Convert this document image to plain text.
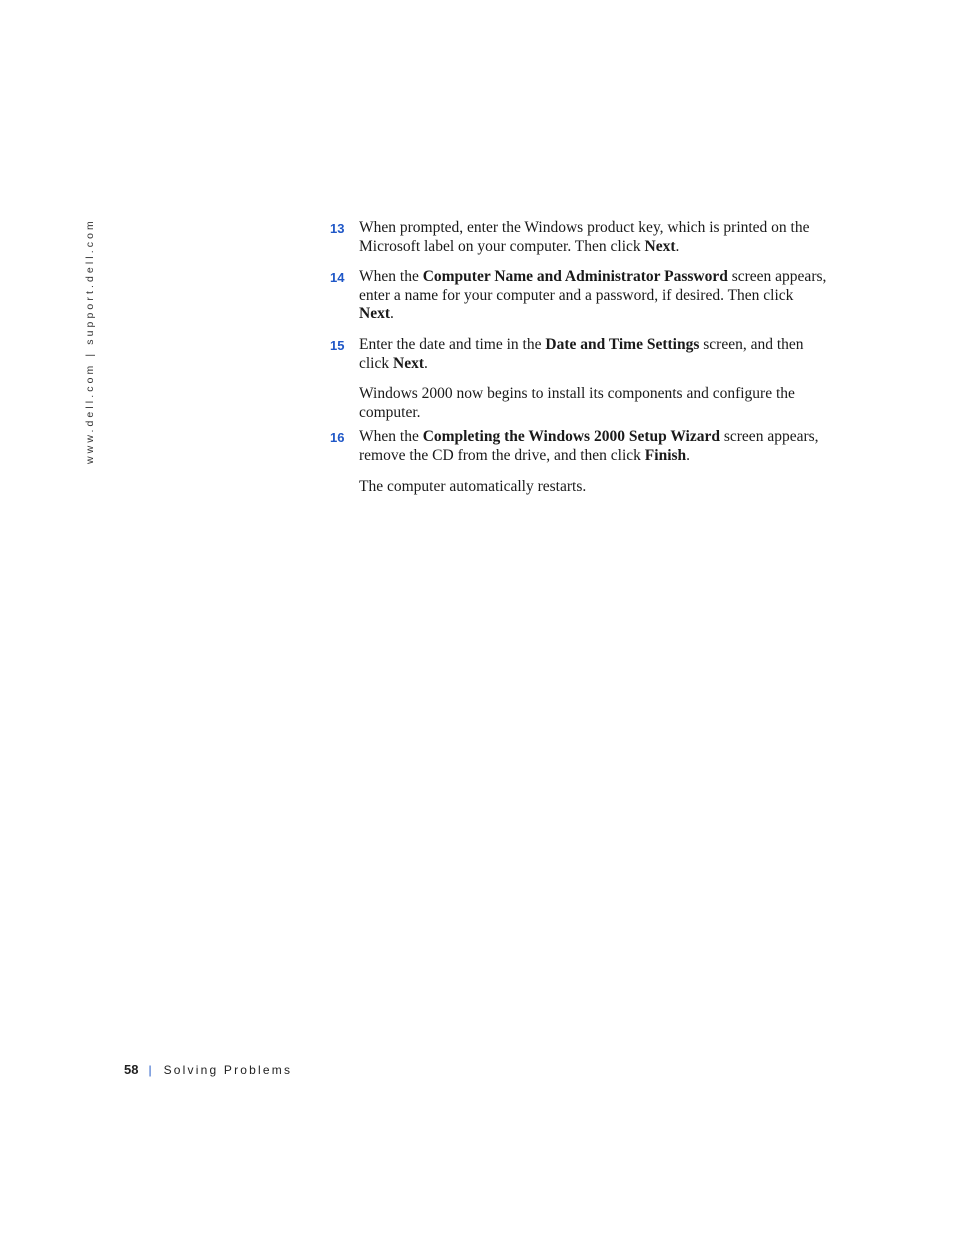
www.dell.com | support.dell.com	13 When prompted, enter the Windows product key, which is printed on the Microsoft label on your computer. Then click Next.
14 When the Computer Name and Administrator Password screen appears, enter a name for your computer and a password, if desired. Then click Next.
15 Enter the date and time in the Date and Time Settings screen, and then click Next.
Windows 2000 now begins to install its components and configure the computer.
16 When the Completing the Windows 2000 Setup Wizard screen appears, remove the CD from the drive, and then click Finish.
The computer automatically restarts.
58 | Solving Problems
